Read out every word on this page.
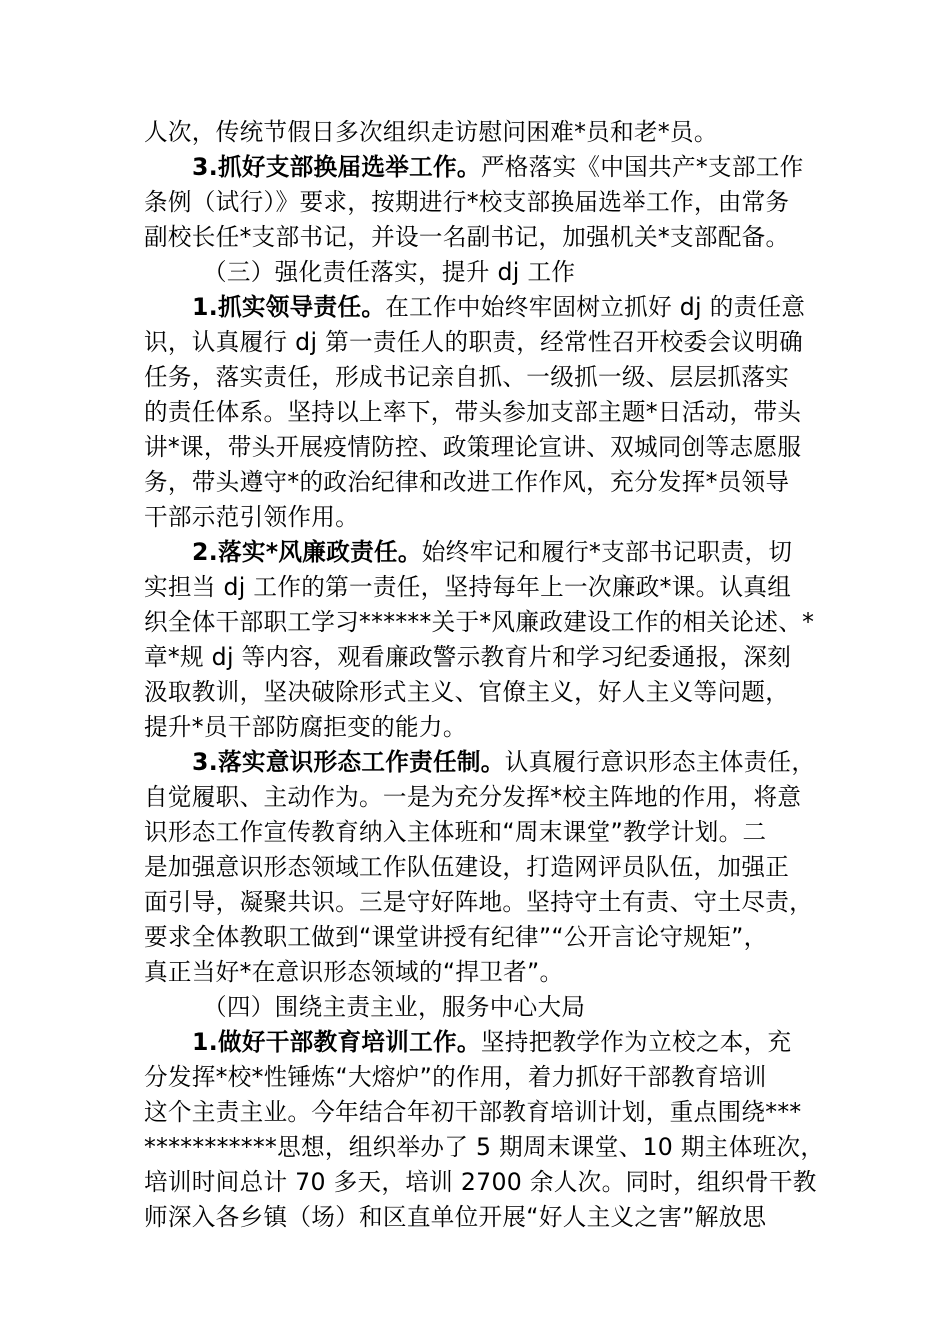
人次，传统节假日多次组织走访慰问困难*员和老*员。
3.抓好支部换届选举工作。严格落实《中国共产*支部工作
条例（试行）》要求，按期进行*校支部换届选举工作，由常务
副校长任*支部书记，并设一名副书记，加强机关*支部配备。
（三）强化责任落实，提升 dj 工作
1.抓实领导责任。在工作中始终牢固树立抓好 dj 的责任意
识，认真履行 dj 第一责任人的职责，经常性召开校委会议明确
任务，落实责任，形成书记亲自抓、一级抓一级、层层抓落实
的责任体系。坚持以上率下，带头参加支部主题*日活动，带头
讲*课，带头开展疫情防控、政策理论宣讲、双城同创等志愿服
务，带头遵守*的政治纪律和改进工作作风，充分发挥*员领导
干部示范引领作用。
2.落实*风廉政责任。始终牢记和履行*支部书记职责，切
实担当 dj 工作的第一责任，坚持每年上一次廉政*课。认真组
织全体干部职工学习******关于*风廉政建设工作的相关论述、*
章*规 dj 等内容，观看廉政警示教育片和学习纪委通报，深刻
汲取教训，坚决破除形式主义、官僚主义，好人主义等问题，
提升*员干部防腐拒变的能力。
3.落实意识形态工作责任制。认真履行意识形态主体责任，
自觉履职、主动作为。一是为充分发挥*校主阵地的作用，将意
识形态工作宣传教育纳入主体班和“周末课堂”教学计划。二
是加强意识形态领域工作队伍建设，打造网评员队伍，加强正
面引导，凝聚共识。三是守好阵地。坚持守土有责、守土尽责，
要求全体教职工做到“课堂讲授有纪律”“公开言论守规矩”，
真正当好*在意识形态领域的“捍卫者”。
（四）围绕主责主业，服务中心大局
1.做好干部教育培训工作。坚持把教学作为立校之本，充
分发挥*校*性锤炼“大熔炉”的作用，着力抓好干部教育培训
这个主责主业。今年结合年初干部教育培训计划，重点围绕***
***********思想，组织举办了 5 期周末课堂、10 期主体班次，
培训时间总计 70 多天，培训 2700 余人次。同时，组织骨干教
师深入各乡镇（场）和区直单位开展“好人主义之害”解放思
